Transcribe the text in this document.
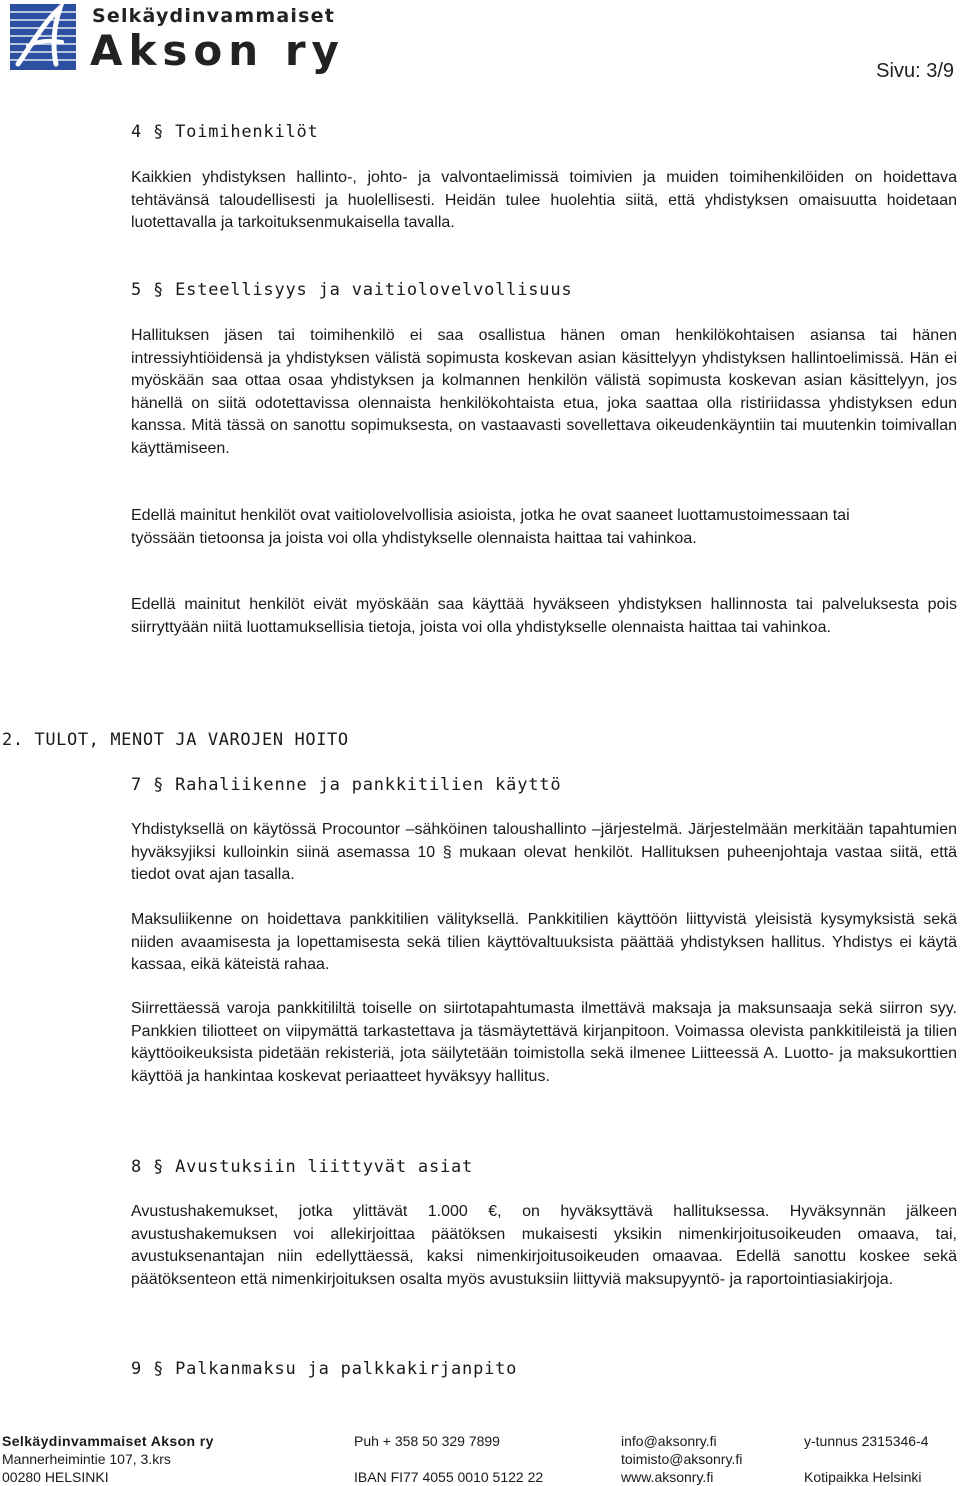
Selkäydinvammaiset
Akson ry	Sivu: 3/9
4 § Toimihenkilöt

Kaikkien yhdistyksen hallinto-, johto- ja valvontaelimissä toimivien ja muiden toimihenkilöiden on hoidettava tehtävänsä taloudellisesti ja huolellisesti. Heidän tulee huolehtia siitä, että yhdistyksen omaisuutta hoidetaan luotettavalla ja tarkoituksenmukaisella tavalla.

5 § Esteellisyys ja vaitiolovelvollisuus

Hallituksen jäsen tai toimihenkilö ei saa osallistua hänen oman henkilökohtaisen asiansa tai hänen intressiyhtiöidensä ja yhdistyksen välistä sopimusta koskevan asian käsittelyyn yhdistyksen hallintoelimissä. Hän ei myöskään saa ottaa osaa yhdistyksen ja kolmannen henkilön välistä sopimusta koskevan asian käsittelyyn, jos hänellä on siitä odotettavissa olennaista henkilökohtaista etua, joka saattaa olla ristiriidassa yhdistyksen edun kanssa. Mitä tässä on sanottu sopimuksesta, on vastaavasti sovellettava oikeudenkäyntiin tai muutenkin toimivallan käyttämiseen.

Edellä mainitut henkilöt ovat vaitiolovelvollisia asioista, jotka he ovat saaneet luottamustoimessaan tai työssään tietoonsa ja joista voi olla yhdistykselle olennaista haittaa tai vahinkoa.

Edellä mainitut henkilöt eivät myöskään saa käyttää hyväkseen yhdistyksen hallinnosta tai palveluksesta pois siirryttyään niitä luottamuksellisia tietoja, joista voi olla yhdistykselle olennaista haittaa tai vahinkoa.

2. TULOT, MENOT JA VAROJEN HOITO
7 § Rahaliikenne ja pankkitilien käyttö

Yhdistyksellä on käytössä Procountor –sähköinen taloushallinto –järjestelmä. Järjestelmään merkitään tapahtumien hyväksyjiksi kulloinkin siinä asemassa 10 § mukaan olevat henkilöt. Hallituksen puheenjohtaja vastaa siitä, että tiedot ovat ajan tasalla.

Maksuliikenne on hoidettava pankkitilien välityksellä. Pankkitilien käyttöön liittyvistä yleisistä kysymyksistä sekä niiden avaamisesta ja lopettamisesta sekä tilien käyttövaltuuksista päättää yhdistyksen hallitus. Yhdistys ei käytä kassaa, eikä käteistä rahaa.

Siirrettäessä varoja pankkitililtä toiselle on siirtotapahtumasta ilmettävä maksaja ja maksunsaaja sekä siirron syy. Pankkien tiliotteet on viipymättä tarkastettava ja täsmäytettävä kirjanpitoon. Voimassa olevista pankkitileistä ja tilien käyttöoikeuksista pidetään rekisteriä, jota säilytetään toimistolla sekä ilmenee Liitteessä A. Luotto- ja maksukorttien käyttöä ja hankintaa koskevat periaatteet hyväksyy hallitus.

8 § Avustuksiin liittyvät asiat

Avustushakemukset, jotka ylittävät 1.000 €, on hyväksyttävä hallituksessa. Hyväksynnän jälkeen avustushakemuksen voi allekirjoittaa päätöksen mukaisesti yksikin nimenkirjoitusoikeuden omaava, tai, avustuksenantajan niin edellyttäessä, kaksi nimenkirjoitusoikeuden omaavaa. Edellä sanottu koskee sekä päätöksenteon että nimenkirjoituksen osalta myös avustuksiin liittyviä maksupyyntö- ja raportointiasiakirjoja.

9 § Palkanmaksu ja palkkakirjanpito
Selkäydinvammaiset Akson ry
Mannerheimintie 107, 3.krs
00280 HELSINKI
Puh + 358 50 329 7899
IBAN FI77 4055 0010 5122 22
info@aksonry.fi
toimisto@aksonry.fi
www.aksonry.fi
y-tunnus 2315346-4
Kotipaikka Helsinki
